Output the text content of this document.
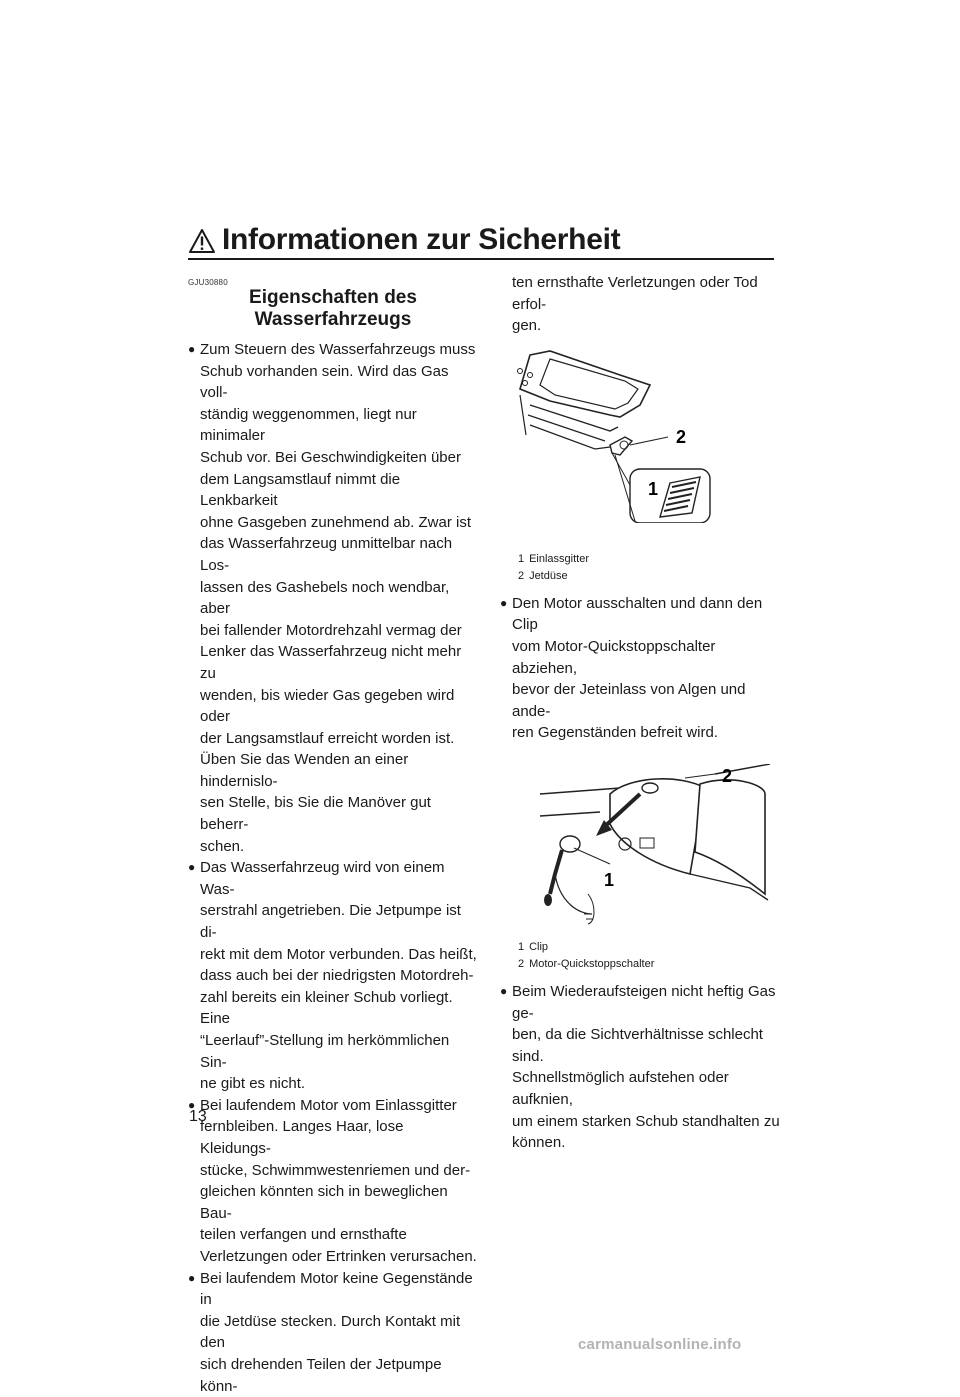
Informationen zur Sicherheit
GJU30880
Eigenschaften des
Wasserfahrzeugs
● Zum Steuern des Wasserfahrzeugs muss
Schub vorhanden sein. Wird das Gas voll-
ständig weggenommen, liegt nur minimaler
Schub vor. Bei Geschwindigkeiten über
dem Langsamstlauf nimmt die Lenkbarkeit
ohne Gasgeben zunehmend ab. Zwar ist
das Wasserfahrzeug unmittelbar nach Los-
lassen des Gashebels noch wendbar, aber
bei fallender Motordrehzahl vermag der
Lenker das Wasserfahrzeug nicht mehr zu
wenden, bis wieder Gas gegeben wird oder
der Langsamstlauf erreicht worden ist.
Üben Sie das Wenden an einer hindernislo-
sen Stelle, bis Sie die Manöver gut beherr-
schen.
● Das Wasserfahrzeug wird von einem Was-
serstrahl angetrieben. Die Jetpumpe ist di-
rekt mit dem Motor verbunden. Das heißt,
dass auch bei der niedrigsten Motordreh-
zahl bereits ein kleiner Schub vorliegt. Eine
“Leerlauf”-Stellung im herkömmlichen Sin-
ne gibt es nicht.
● Bei laufendem Motor vom Einlassgitter
fernbleiben. Langes Haar, lose Kleidungs-
stücke, Schwimmwestenriemen und der-
gleichen könnten sich in beweglichen Bau-
teilen verfangen und ernsthafte
Verletzungen oder Ertrinken verursachen.
● Bei laufendem Motor keine Gegenstände in
die Jetdüse stecken. Durch Kontakt mit den
sich drehenden Teilen der Jetpumpe könn-

ten ernsthafte Verletzungen oder Tod erfol-
gen.

2
1
1 Einlassgitter
2 Jetdüse
● Den Motor ausschalten und dann den Clip
vom Motor-Quickstoppschalter abziehen,
bevor der Jeteinlass von Algen und ande-
ren Gegenständen befreit wird.
2
1
1 Clip
2 Motor-Quickstoppschalter
● Beim Wiederaufsteigen nicht heftig Gas ge-
ben, da die Sichtverhältnisse schlecht sind.
Schnellstmöglich aufstehen oder aufknien,
um einem starken Schub standhalten zu
können.
13
carmanualsonline.info
